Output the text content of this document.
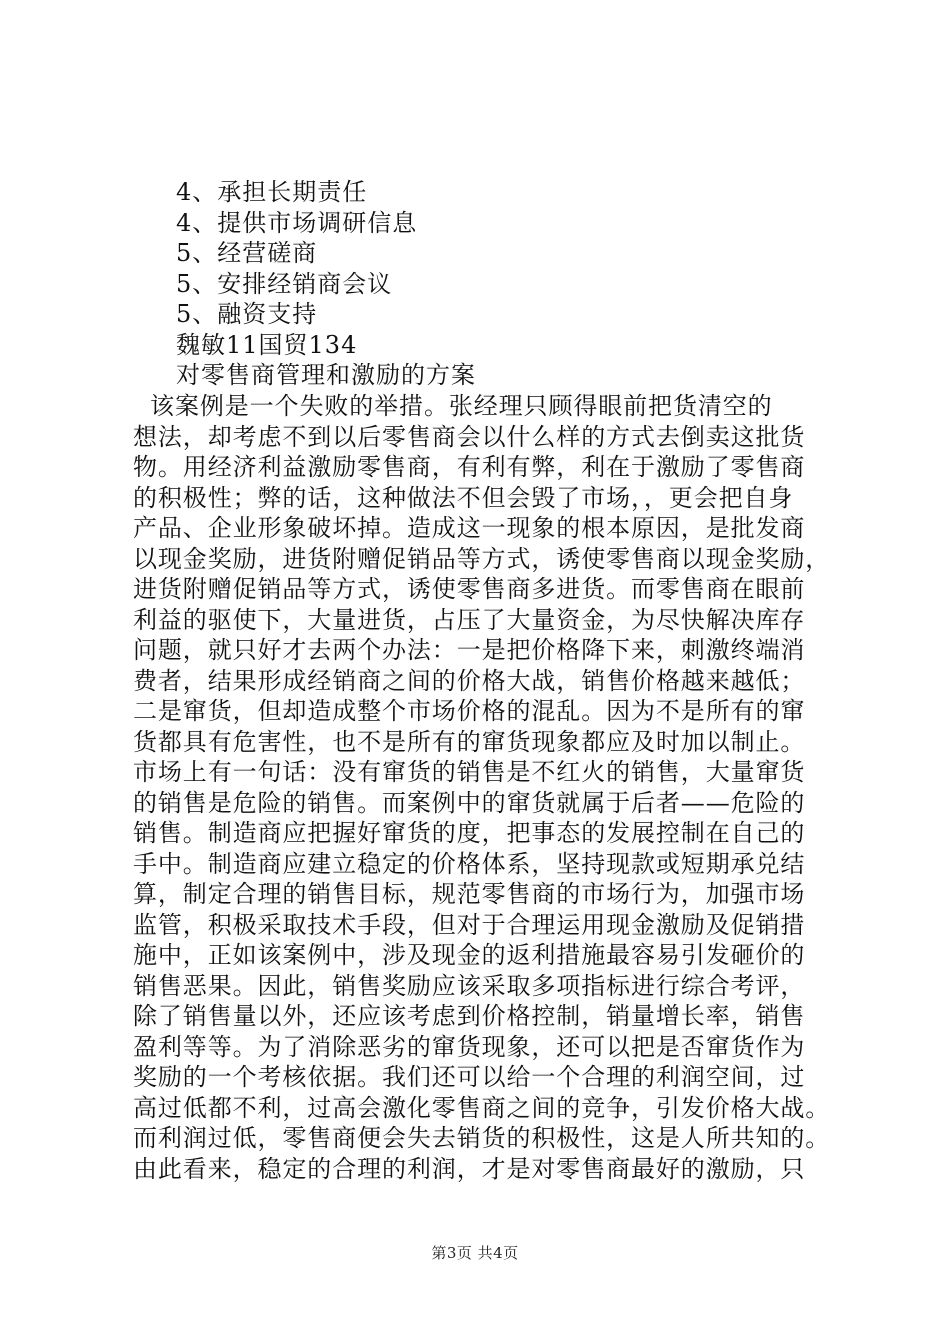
4、承担长期责任
4、提供市场调研信息
5、经营磋商
5、安排经销商会议
5、融资支持
魏敏11国贸134
对零售商管理和激励的方案
该案例是一个失败的举措。张经理只顾得眼前把货清空的
想法，却考虑不到以后零售商会以什么样的方式去倒卖这批货
物。用经济利益激励零售商，有利有弊，利在于激励了零售商
的积极性；弊的话，这种做法不但会毁了市场，，更会把自身
产品、企业形象破坏掉。造成这一现象的根本原因，是批发商
以现金奖励，进货附赠促销品等方式，诱使零售商以现金奖励，
进货附赠促销品等方式，诱使零售商多进货。而零售商在眼前
利益的驱使下，大量进货，占压了大量资金，为尽快解决库存
问题，就只好才去两个办法：一是把价格降下来，刺激终端消
费者，结果形成经销商之间的价格大战，销售价格越来越低；
二是窜货，但却造成整个市场价格的混乱。因为不是所有的窜
货都具有危害性，也不是所有的窜货现象都应及时加以制止。
市场上有一句话：没有窜货的销售是不红火的销售，大量窜货
的销售是危险的销售。而案例中的窜货就属于后者——危险的
销售。制造商应把握好窜货的度，把事态的发展控制在自己的
手中。制造商应建立稳定的价格体系，坚持现款或短期承兑结
算，制定合理的销售目标，规范零售商的市场行为，加强市场
监管，积极采取技术手段，但对于合理运用现金激励及促销措
施中，正如该案例中，涉及现金的返利措施最容易引发砸价的
销售恶果。因此，销售奖励应该采取多项指标进行综合考评，
除了销售量以外，还应该考虑到价格控制，销量增长率，销售
盈利等等。为了消除恶劣的窜货现象，还可以把是否窜货作为
奖励的一个考核依据。我们还可以给一个合理的利润空间，过
高过低都不利，过高会激化零售商之间的竞争，引发价格大战。
而利润过低，零售商便会失去销货的积极性，这是人所共知的。
由此看来，稳定的合理的利润，才是对零售商最好的激励，只
第3页 共4页
